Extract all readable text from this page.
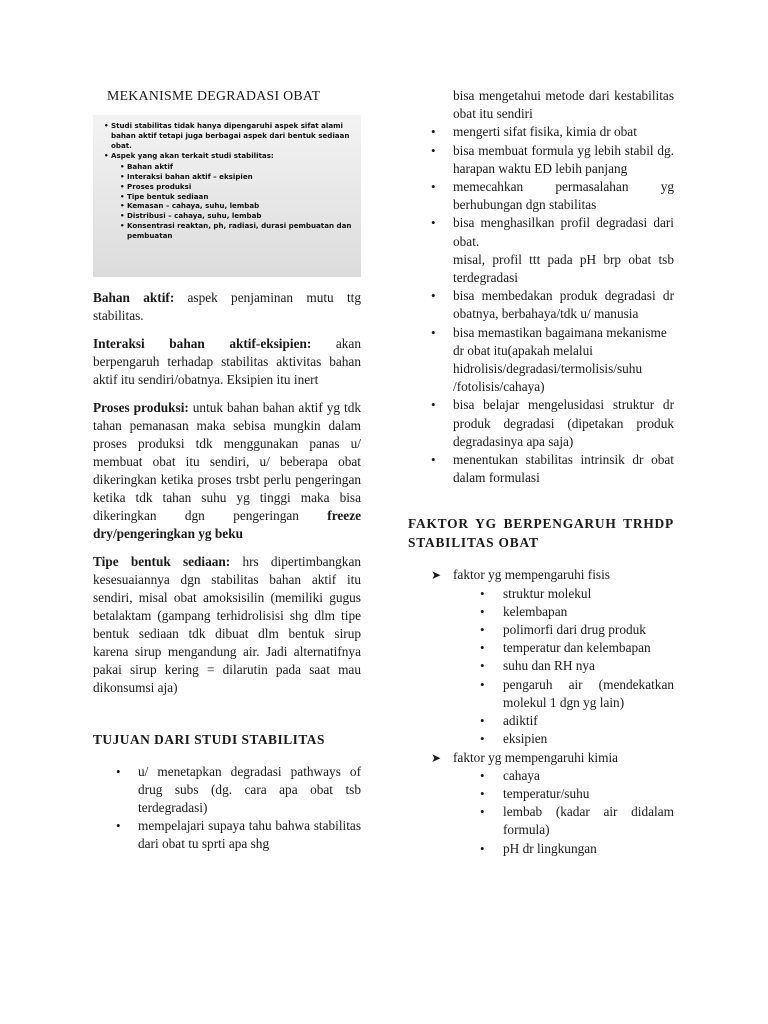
MEKANISME DEGRADASI OBAT
• Studi stabilitas tidak hanya dipengaruhi aspek sifat alami bahan aktif tetapi juga berbagai aspek dari bentuk sediaan obat.
• Aspek yang akan terkait studi stabilitas:
• Bahan aktif
• Interaksi bahan aktif – eksipien
• Proses produksi
• Tipe bentuk sediaan
• Kemasan – cahaya, suhu, lembab
• Distribusi – cahaya, suhu, lembab
• Konsentrasi reaktan, ph, radiasi, durasi pembuatan dan pembuatan

Bahan aktif: aspek penjaminan mutu ttg stabilitas.

Interaksi bahan aktif-eksipien: akan berpengaruh terhadap stabilitas aktivitas bahan aktif itu sendiri/obatnya. Eksipien itu inert

Proses produksi: untuk bahan bahan aktif yg tdk tahan pemanasan maka sebisa mungkin dalam proses produksi tdk menggunakan panas u/ membuat obat itu sendiri, u/ beberapa obat dikeringkan ketika proses trsbt perlu pengeringan ketika tdk tahan suhu yg tinggi maka bisa dikeringkan dgn pengeringan freeze dry/pengeringkan yg beku

Tipe bentuk sediaan: hrs dipertimbangkan kesesuaiannya dgn stabilitas bahan aktif itu sendiri, misal obat amoksisilin (memiliki gugus betalaktam (gampang terhidrolisisi shg dlm tipe bentuk sediaan tdk dibuat dlm bentuk sirup karena sirup mengandung air. Jadi alternatifnya pakai sirup kering = dilarutin pada saat mau dikonsumsi aja)

TUJUAN DARI STUDI STABILITAS
• u/ menetapkan degradasi pathways of drug subs (dg. cara apa obat tsb terdegradasi)
• mempelajari supaya tahu bahwa stabilitas dari obat tu sprti apa shg
bisa mengetahui metode dari kestabilitas obat itu sendiri
• mengerti sifat fisika, kimia dr obat
• bisa membuat formula yg lebih stabil dg. harapan waktu ED lebih panjang
• memecahkan permasalahan yg berhubungan dgn stabilitas
• bisa menghasilkan profil degradasi dari obat.
misal, profil ttt pada pH brp obat tsb terdegradasi
• bisa membedakan produk degradasi dr obatnya, berbahaya/tdk u/ manusia
• bisa memastikan bagaimana mekanisme dr obat itu(apakah melalui hidrolisis/degradasi/termolisis/suhu /fotolisis/cahaya)
• bisa belajar mengelusidasi struktur dr produk degradasi (dipetakan produk degradasinya apa saja)
• menentukan stabilitas intrinsik dr obat dalam formulasi
FAKTOR YG BERPENGARUH TRHDP STABILITAS OBAT
➤ faktor yg mempengaruhi fisis
• struktur molekul
• kelembapan
• polimorfi dari drug produk
• temperatur dan kelembapan
• suhu dan RH nya
• pengaruh air (mendekatkan molekul 1 dgn yg lain)
• adiktif
• eksipien
➤ faktor yg mempengaruhi kimia
• cahaya
• temperatur/suhu
• lembab (kadar air didalam formula)
• pH dr lingkungan
